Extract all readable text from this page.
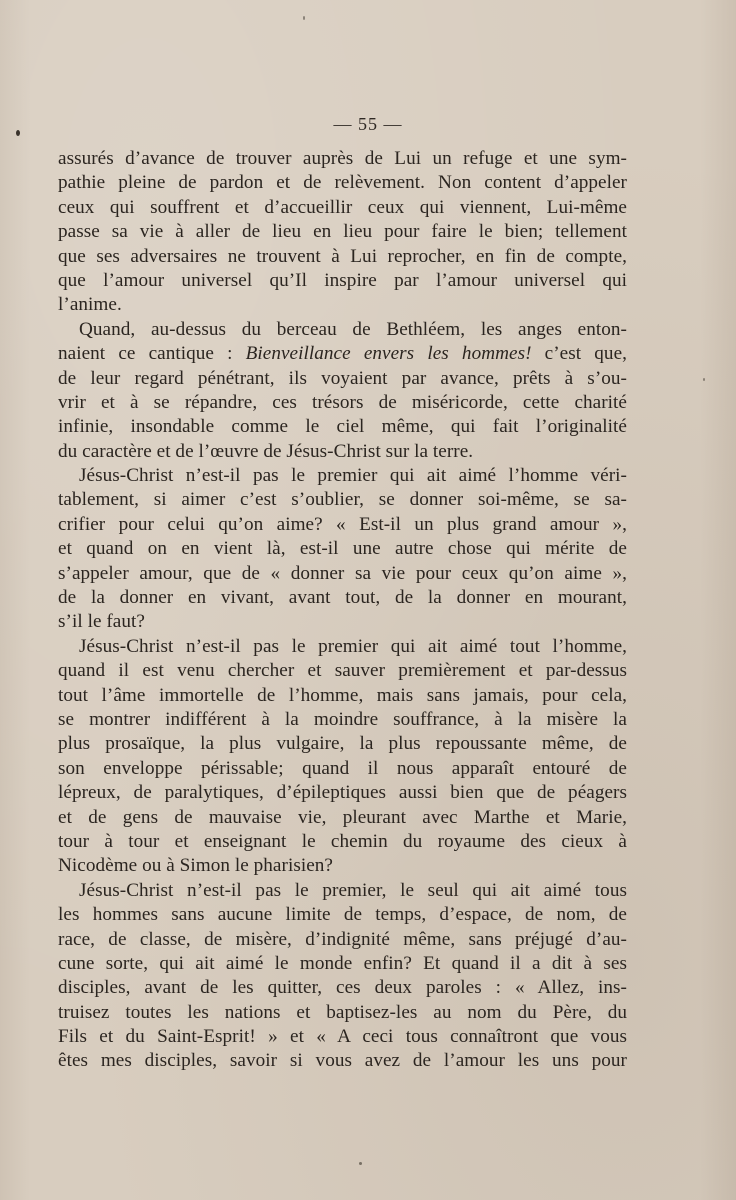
— 55 —
assurés d’avance de trouver auprès de Lui un refuge et une sym-
pathie pleine de pardon et de relèvement. Non content d’appeler
ceux qui souffrent et d’accueillir ceux qui viennent, Lui-même
passe sa vie à aller de lieu en lieu pour faire le bien; tellement
que ses adversaires ne trouvent à Lui reprocher, en fin de compte,
que l’amour universel qu’Il inspire par l’amour universel qui
l’anime.
Quand, au-dessus du berceau de Bethléem, les anges enton-
naient ce cantique : Bienveillance envers les hommes! c’est que,
de leur regard pénétrant, ils voyaient par avance, prêts à s’ou-
vrir et à se répandre, ces trésors de miséricorde, cette charité
infinie, insondable comme le ciel même, qui fait l’originalité
du caractère et de l’œuvre de Jésus-Christ sur la terre.
Jésus-Christ n’est-il pas le premier qui ait aimé l’homme véri-
tablement, si aimer c’est s’oublier, se donner soi-même, se sa-
crifier pour celui qu’on aime? « Est-il un plus grand amour »,
et quand on en vient là, est-il une autre chose qui mérite de
s’appeler amour, que de « donner sa vie pour ceux qu’on aime »,
de la donner en vivant, avant tout, de la donner en mourant,
s’il le faut?
Jésus-Christ n’est-il pas le premier qui ait aimé tout l’homme,
quand il est venu chercher et sauver premièrement et par-dessus
tout l’âme immortelle de l’homme, mais sans jamais, pour cela,
se montrer indifférent à la moindre souffrance, à la misère la
plus prosaïque, la plus vulgaire, la plus repoussante même, de
son enveloppe périssable; quand il nous apparaît entouré de
lépreux, de paralytiques, d’épileptiques aussi bien que de péagers
et de gens de mauvaise vie, pleurant avec Marthe et Marie,
tour à tour et enseignant le chemin du royaume des cieux à
Nicodème ou à Simon le pharisien?
Jésus-Christ n’est-il pas le premier, le seul qui ait aimé tous
les hommes sans aucune limite de temps, d’espace, de nom, de
race, de classe, de misère, d’indignité même, sans préjugé d’au-
cune sorte, qui ait aimé le monde enfin? Et quand il a dit à ses
disciples, avant de les quitter, ces deux paroles : « Allez, ins-
truisez toutes les nations et baptisez-les au nom du Père, du
Fils et du Saint-Esprit! » et « A ceci tous connaîtront que vous
êtes mes disciples, savoir si vous avez de l’amour les uns pour
